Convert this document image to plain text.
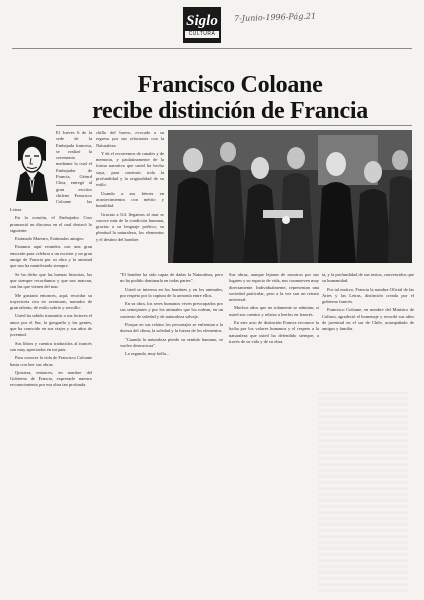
Siglo
CULTURA
7-Junio-1996-Pág.21
Francisco Coloane
recibe distinción de Francia

El Jueves 6 de la sede de la Embajada francesa, se realizó la ceremonia mediante la cual el Embajador de Francia, Gérard Chea, entregó al gran escritor chileno Francisco Coloane las

Letras.

En la ocasión, el Embajador Cros pronunció un discurso en el cual destacó lo siguiente:

Estimado Maestro, Estimados amigos:

Estamos aquí reunidos con una gran emoción para celebrar a un escritor y un gran amigo de Francia por su obra y la amistad que nos ha manifestado siempre.

Se ha dicho que las buenas historias, las que siempre recordamos y que nos marcan, son las que vienen del mar.

Me gustaría entonces, aquí, recordar su trayectoria rica en aventuras, narrador de gran talento, de estilo sobrio y sencillo.

Usted ha sabido transmitir a sus lectores el amor por el Sur, la geografía y las gentes, que ha conocido en sus viajes y sus años de juventud.

Sus libros y cuentos traducidos al francés son muy apreciados en mi país.

Para conocer la vida de Francisco Coloane basta con leer sus obras.

Quisiera, entonces, en nombre del Gobierno de Francia, expresarle nuestro reconocimiento por esa obra tan profunda.

chillo del huevo, evocado a su regreso por sus relaciones con la Naturaleza.

Y de el recorremos de canales y de memoria, y paulatinamente de la forma narrativa que usted ha hecho suya, para construir toda la profundidad y la originalidad de su estilo.

Usando a sus héroes en acontecimientos con mérito y humildad.

Gracias a Ud. llegamos al mar se conoce más de la condición humana, gracias a su lenguaje poético, su plenitud la naturaleza, los elementos y el destino del hombre.

"El hombre ha sido capaz de dañar la Naturaleza, pero no ha podido dominarla en todas partes".

Usted se interesa en los hombres y en los animales, por respeto por la captura de la armonía entre ellos.

En su obra, los seres humanos viven preocupados por sus semejantes y por los animales que los rodean, en un contexto de soledad y de naturaleza salvaje.

Porque en sus relatos los personajes se enfrentan a la dureza del clima, la soledad y la fuerza de los elementos.

"Cuando la naturaleza pierde su sentido humano, se vuelve destructora".

La segunda, muy bella...

Sus obras, aunque lejanas de nosotros por sus lugares y su espacio de vida, nos conmueven muy directamente. Individualmente, representan una sociedad particular, pero a la vez son un retrato universal.

Muchos años que no solamente se admiran, si usted sus cuentos y relatos a leerlos en francés.

En este acto de distinción Francia reconoce la lucha por los valores humanos y el respeto a la naturaleza que usted ha defendido siempre, a través de su vida y de su obra.

ta, y la profundidad de sus textos, convencidos que su humanidad.

Por tal motivo, Francia la nombra Oficial de las Artes y las Letras, distinción creada por el gobierno francés.

Francisco Coloane, en nombre del Ministro de Cultura, agradeció el homenaje y recordó sus años de juventud en el sur de Chile, acompañado de amigos y familia.
